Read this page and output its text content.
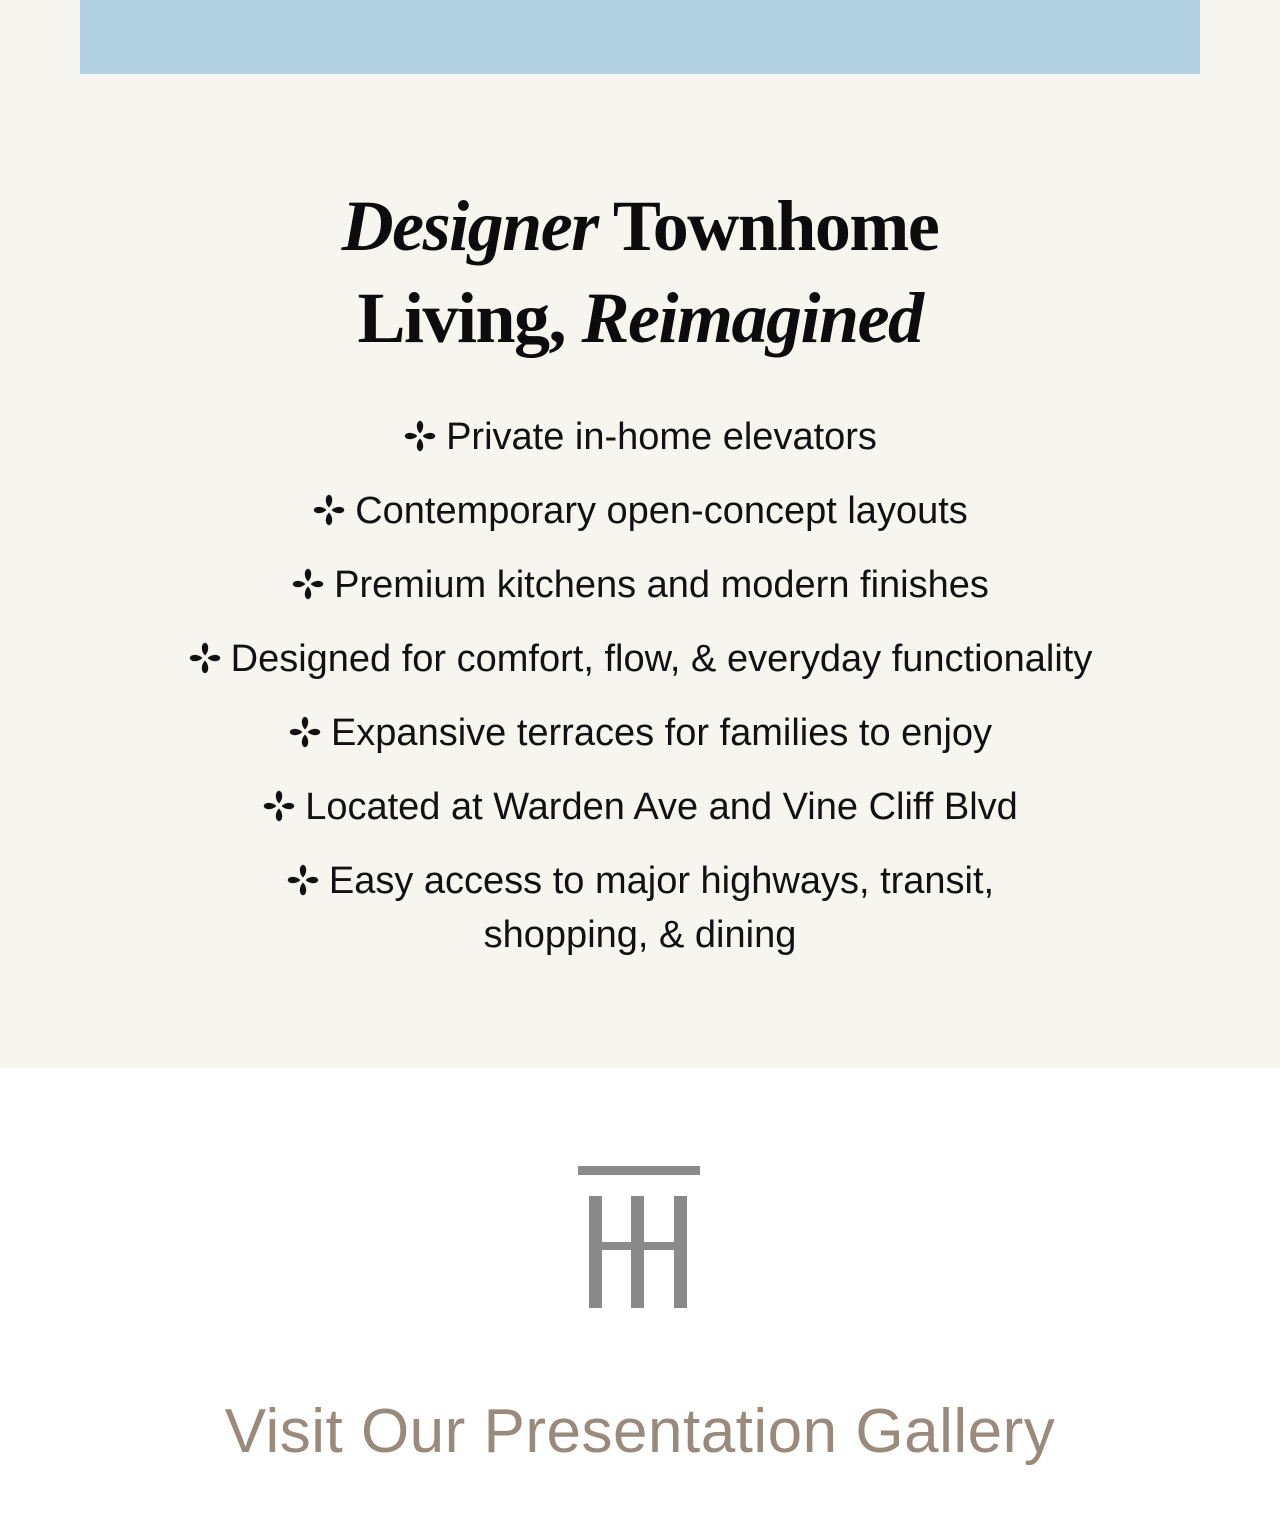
Designer Townhome
Living, Reimagined
Private in-home elevators
Contemporary open-concept layouts
Premium kitchens and modern finishes
Designed for comfort, flow, & everyday functionality
Expansive terraces for families to enjoy
Located at Warden Ave and Vine Cliff Blvd
Easy access to major highways, transit,
shopping, & dining
Visit Our Presentation Gallery
